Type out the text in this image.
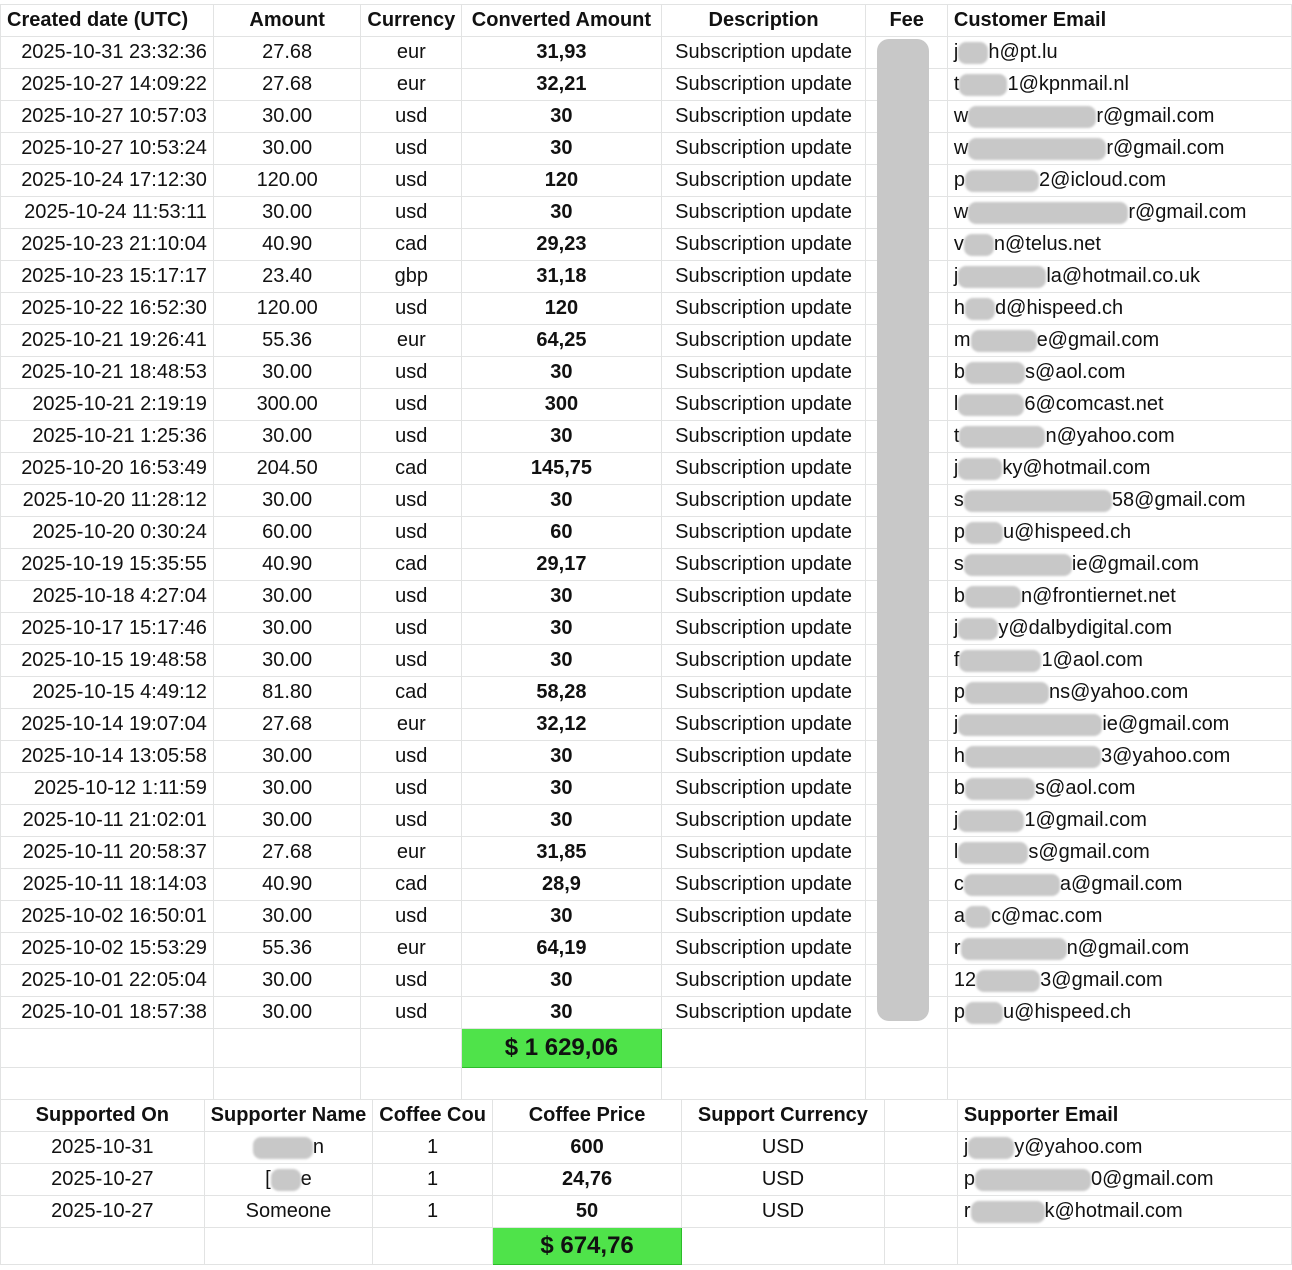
Created date (UTC)	Amount	Currency	Converted Amount	Description	Fee	Customer Email
2025-10-31 23:32:36	27.68	eur	31,93	Subscription update		j h@pt.lu
2025-10-27 14:09:22	27.68	eur	32,21	Subscription update		t 1@kpnmail.nl
2025-10-27 10:57:03	30.00	usd	30	Subscription update		w r@gmail.com
2025-10-27 10:53:24	30.00	usd	30	Subscription update		w r@gmail.com
2025-10-24 17:12:30	120.00	usd	120	Subscription update		p 2@icloud.com
2025-10-24 11:53:11	30.00	usd	30	Subscription update		w r@gmail.com
2025-10-23 21:10:04	40.90	cad	29,23	Subscription update		v n@telus.net
2025-10-23 15:17:17	23.40	gbp	31,18	Subscription update		j la@hotmail.co.uk
2025-10-22 16:52:30	120.00	usd	120	Subscription update		h d@hispeed.ch
2025-10-21 19:26:41	55.36	eur	64,25	Subscription update		m e@gmail.com
2025-10-21 18:48:53	30.00	usd	30	Subscription update		b s@aol.com
2025-10-21 2:19:19	300.00	usd	300	Subscription update		l 6@comcast.net
2025-10-21 1:25:36	30.00	usd	30	Subscription update		t n@yahoo.com
2025-10-20 16:53:49	204.50	cad	145,75	Subscription update		j ky@hotmail.com
2025-10-20 11:28:12	30.00	usd	30	Subscription update		s 58@gmail.com
2025-10-20 0:30:24	60.00	usd	60	Subscription update		p u@hispeed.ch
2025-10-19 15:35:55	40.90	cad	29,17	Subscription update		s ie@gmail.com
2025-10-18 4:27:04	30.00	usd	30	Subscription update		b n@frontiernet.net
2025-10-17 15:17:46	30.00	usd	30	Subscription update		j y@dalbydigital.com
2025-10-15 19:48:58	30.00	usd	30	Subscription update		f 1@aol.com
2025-10-15 4:49:12	81.80	cad	58,28	Subscription update		p ns@yahoo.com
2025-10-14 19:07:04	27.68	eur	32,12	Subscription update		j ie@gmail.com
2025-10-14 13:05:58	30.00	usd	30	Subscription update		h 3@yahoo.com
2025-10-12 1:11:59	30.00	usd	30	Subscription update		b s@aol.com
2025-10-11 21:02:01	30.00	usd	30	Subscription update		j 1@gmail.com
2025-10-11 20:58:37	27.68	eur	31,85	Subscription update		l s@gmail.com
2025-10-11 18:14:03	40.90	cad	28,9	Subscription update		c a@gmail.com
2025-10-02 16:50:01	30.00	usd	30	Subscription update		a c@mac.com
2025-10-02 15:53:29	55.36	eur	64,19	Subscription update		r n@gmail.com
2025-10-01 22:05:04	30.00	usd	30	Subscription update		12 3@gmail.com
2025-10-01 18:57:38	30.00	usd	30	Subscription update		p u@hispeed.ch
			$ 1 629,06			

Supported On	Supporter Name	Coffee Cou	Coffee Price	Support Currency		Supporter Email
2025-10-31	n	1	600	USD		j y@yahoo.com
2025-10-27	[ e	1	24,76	USD		p 0@gmail.com
2025-10-27	Someone	1	50	USD		r k@hotmail.com
			$ 674,76			
